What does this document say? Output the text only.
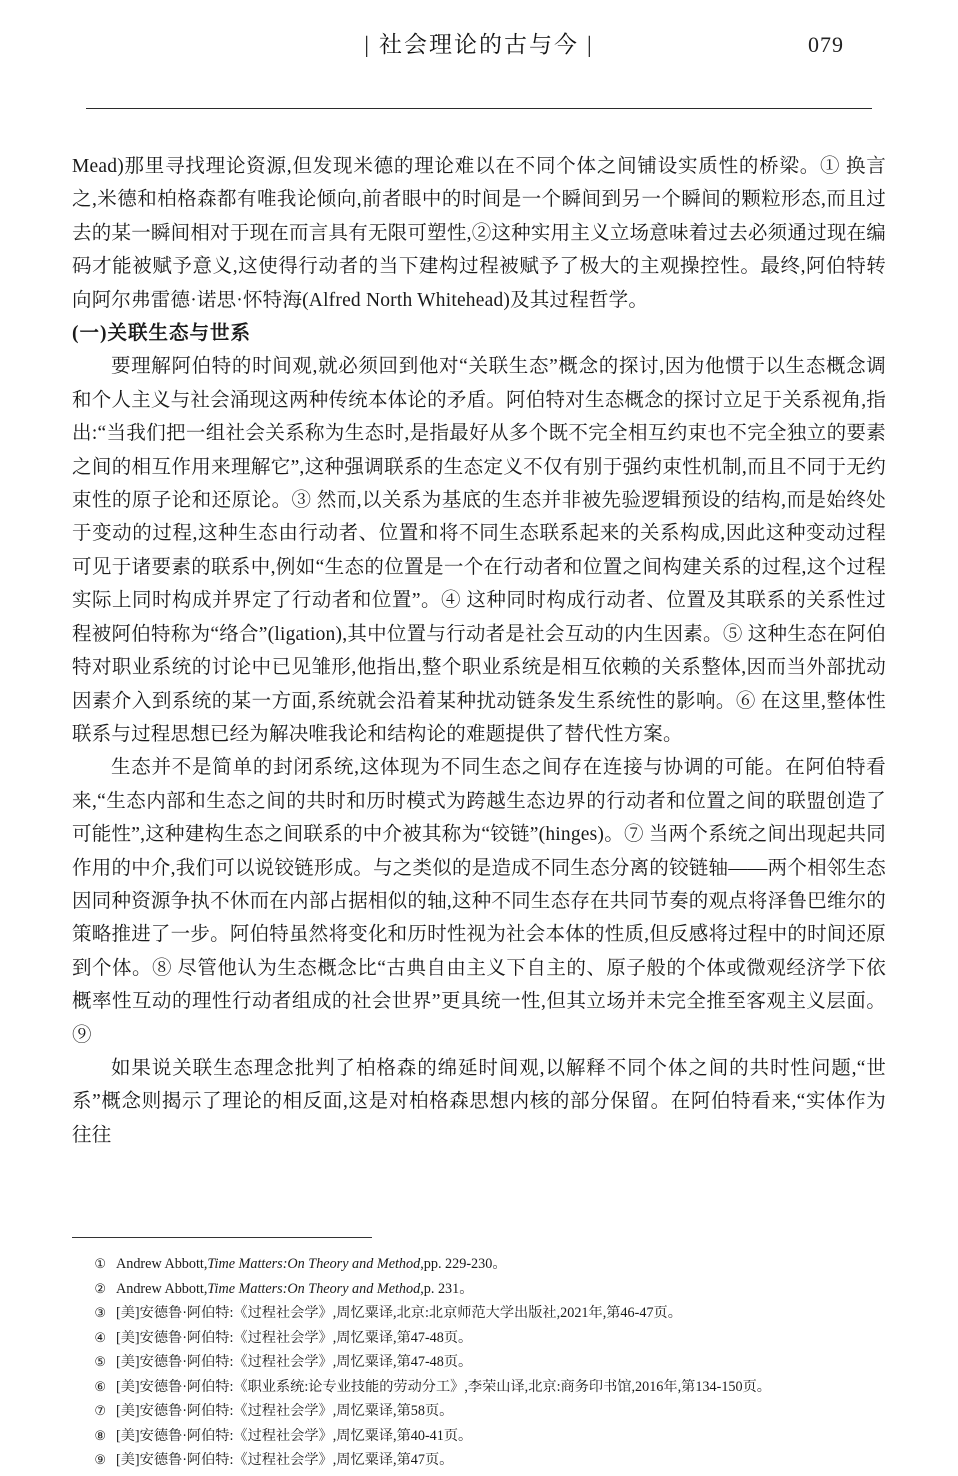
| 社会理论的古与今 |	079

Mead)那里寻找理论资源,但发现米德的理论难以在不同个体之间铺设实质性的桥梁。① 换言之,米德和柏格森都有唯我论倾向,前者眼中的时间是一个瞬间到另一个瞬间的颗粒形态,而且过去的某一瞬间相对于现在而言具有无限可塑性,②这种实用主义立场意味着过去必须通过现在编码才能被赋予意义,这使得行动者的当下建构过程被赋予了极大的主观操控性。最终,阿伯特转向阿尔弗雷德·诺思·怀特海(Alfred North Whitehead)及其过程哲学。

(一)关联生态与世系

要理解阿伯特的时间观,就必须回到他对“关联生态”概念的探讨,因为他惯于以生态概念调和个人主义与社会涌现这两种传统本体论的矛盾。阿伯特对生态概念的探讨立足于关系视角,指出:“当我们把一组社会关系称为生态时,是指最好从多个既不完全相互约束也不完全独立的要素之间的相互作用来理解它”,这种强调联系的生态定义不仅有别于强约束性机制,而且不同于无约束性的原子论和还原论。③ 然而,以关系为基底的生态并非被先验逻辑预设的结构,而是始终处于变动的过程,这种生态由行动者、位置和将不同生态联系起来的关系构成,因此这种变动过程可见于诸要素的联系中,例如“生态的位置是一个在行动者和位置之间构建关系的过程,这个过程实际上同时构成并界定了行动者和位置”。④ 这种同时构成行动者、位置及其联系的关系性过程被阿伯特称为“络合”(ligation),其中位置与行动者是社会互动的内生因素。⑤ 这种生态在阿伯特对职业系统的讨论中已见雏形,他指出,整个职业系统是相互依赖的关系整体,因而当外部扰动因素介入到系统的某一方面,系统就会沿着某种扰动链条发生系统性的影响。⑥ 在这里,整体性联系与过程思想已经为解决唯我论和结构论的难题提供了替代性方案。

生态并不是简单的封闭系统,这体现为不同生态之间存在连接与协调的可能。在阿伯特看来,“生态内部和生态之间的共时和历时模式为跨越生态边界的行动者和位置之间的联盟创造了可能性”,这种建构生态之间联系的中介被其称为“铰链”(hinges)。⑦ 当两个系统之间出现起共同作用的中介,我们可以说铰链形成。与之类似的是造成不同生态分离的铰链轴——两个相邻生态因同种资源争执不休而在内部占据相似的轴,这种不同生态存在共同节奏的观点将泽鲁巴维尔的策略推进了一步。阿伯特虽然将变化和历时性视为社会本体的性质,但反感将过程中的时间还原到个体。⑧ 尽管他认为生态概念比“古典自由主义下自主的、原子般的个体或微观经济学下依概率性互动的理性行动者组成的社会世界”更具统一性,但其立场并未完全推至客观主义层面。⑨

如果说关联生态理念批判了柏格森的绵延时间观,以解释不同个体之间的共时性问题,“世系”概念则揭示了理论的相反面,这是对柏格森思想内核的部分保留。在阿伯特看来,“实体作为往往

① Andrew Abbott,Time Matters:On Theory and Method,pp. 229-230。
② Andrew Abbott,Time Matters:On Theory and Method,p. 231。
③ [美]安德鲁·阿伯特:《过程社会学》,周忆粟译,北京:北京师范大学出版社,2021年,第46-47页。
④ [美]安德鲁·阿伯特:《过程社会学》,周忆粟译,第47-48页。
⑤ [美]安德鲁·阿伯特:《过程社会学》,周忆粟译,第47-48页。
⑥ [美]安德鲁·阿伯特:《职业系统:论专业技能的劳动分工》,李荣山译,北京:商务印书馆,2016年,第134-150页。
⑦ [美]安德鲁·阿伯特:《过程社会学》,周忆粟译,第58页。
⑧ [美]安德鲁·阿伯特:《过程社会学》,周忆粟译,第40-41页。
⑨ [美]安德鲁·阿伯特:《过程社会学》,周忆粟译,第47页。
